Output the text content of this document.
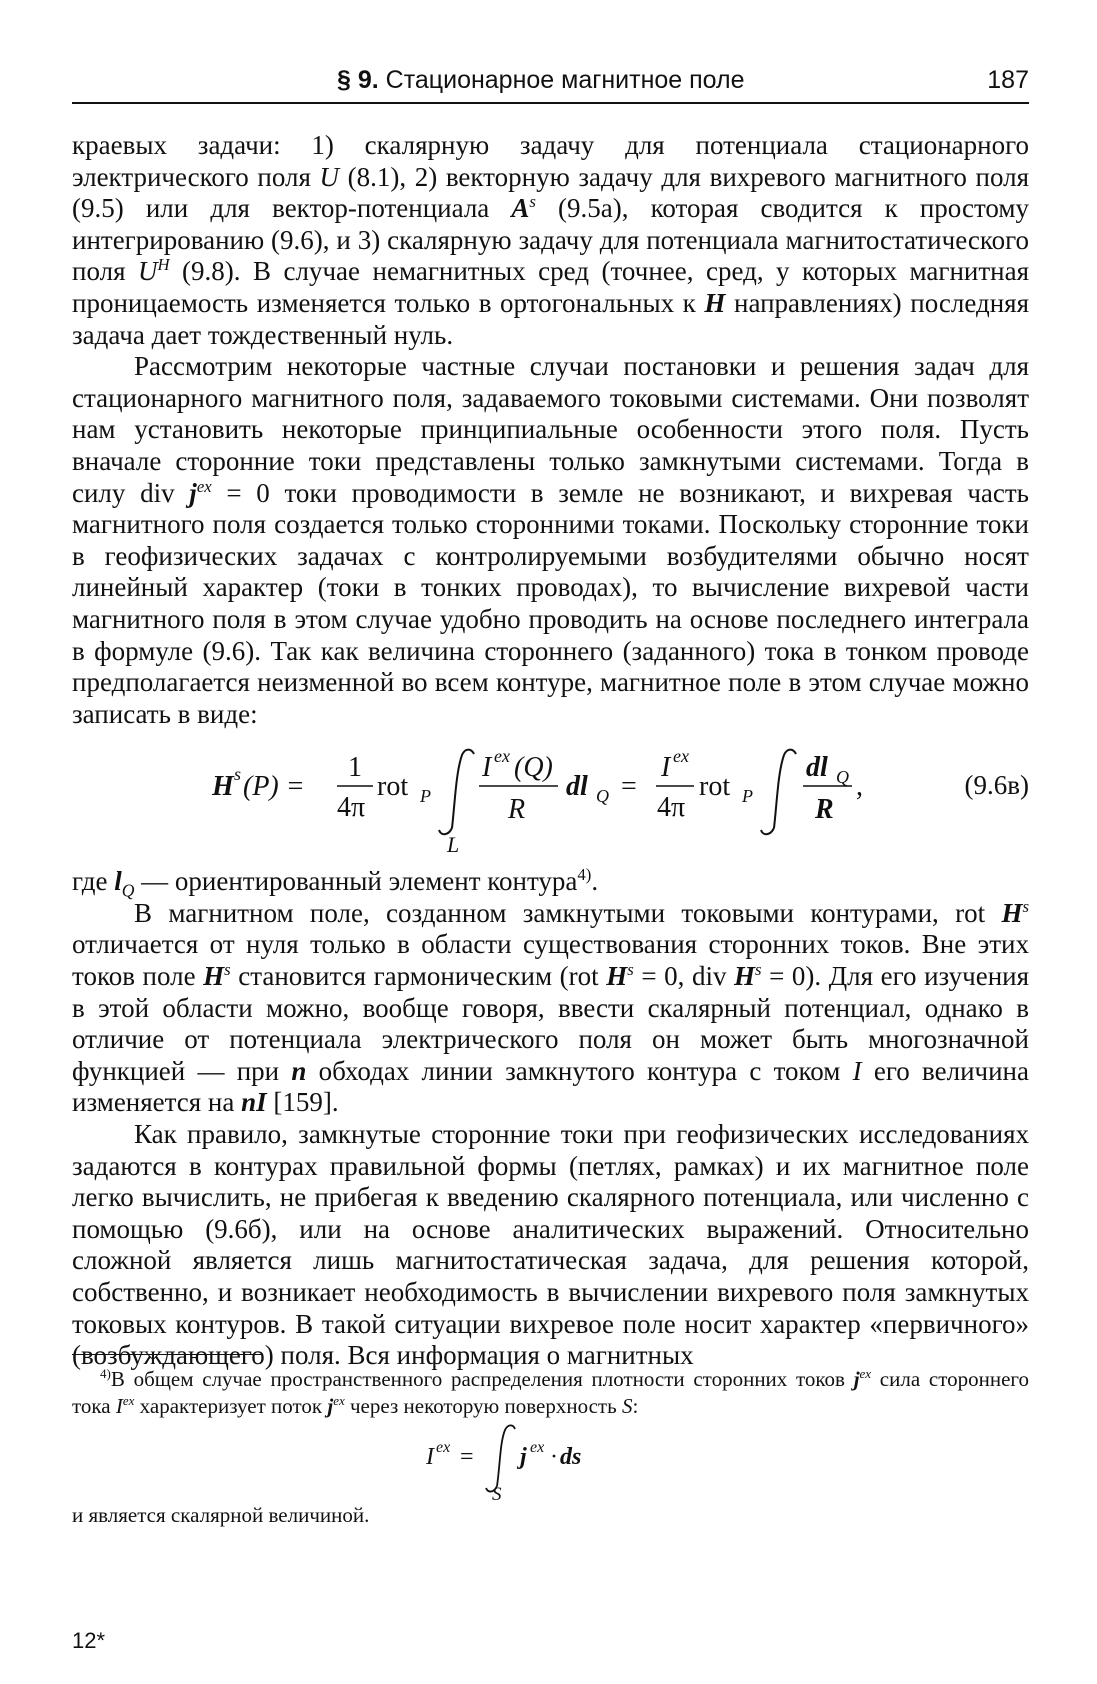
§ 9. Стационарное магнитное поле	187

краевых задачи: 1) скалярную задачу для потенциала стационарного электрического поля U (8.1), 2) векторную задачу для вихревого магнитного поля (9.5) или для вектор-потенциала $A^s$ (9.5а), которая сводится к простому интегрированию (9.6), и 3) скалярную задачу для потенциала магнитостатического поля $U^H$ (9.8). В случае немагнитных сред (точнее, сред, у которых магнитная проницаемость изменяется только в ортогональных к H направлениях) последняя задача дает тождественный нуль.

Рассмотрим некоторые частные случаи постановки и решения задач для стационарного магнитного поля, задаваемого токовыми системами. Они позволят нам установить некоторые принципиальные особенности этого поля. Пусть вначале сторонние токи представлены только замкнутыми системами. Тогда в силу div $j^{ex} = 0$ токи проводимости в земле не возникают, и вихревая часть магнитного поля создается только сторонними токами. Поскольку сторонние токи в геофизических задачах с контролируемыми возбудителями обычно носят линейный характер (токи в тонких проводах), то вычисление вихревой части магнитного поля в этом случае удобно проводить на основе последнего интеграла в формуле (9.6). Так как величина стороннего (заданного) тока в тонком проводе предполагается неизменной во всем контуре, магнитное поле в этом случае можно записать в виде:

H s (P) =
1
4π
rot P
I ex (Q)
R
dl Q =
I ex
4π
rot P
dl Q
R
,
L
(9.6в)

где $l_Q$ — ориентированный элемент контура$^{4)}$.

В магнитном поле, созданном замкнутыми токовыми контурами, rot $H^s$ отличается от нуля только в области существования сторонних токов. Вне этих токов поле $H^s$ становится гармоническим (rot $H^s = 0$, div $H^s = 0$). Для его изучения в этой области можно, вообще говоря, ввести скалярный потенциал, однако в отличие от потенциала электрического поля он может быть многозначной функцией — при n обходах линии замкнутого контура с током I его величина изменяется на nI [159].

Как правило, замкнутые сторонние токи при геофизических исследованиях задаются в контурах правильной формы (петлях, рамках) и их магнитное поле легко вычислить, не прибегая к введению скалярного потенциала, или численно с помощью (9.6б), или на основе аналитических выражений. Относительно сложной является лишь магнитостатическая задача, для решения которой, собственно, и возникает необходимость в вычислении вихревого поля замкнутых токовых контуров. В такой ситуации вихревое поле носит характер «первичного» (возбуждающего) поля. Вся информация о магнитных

$^{4)}$В общем случае пространственного распределения плотности сторонних токов $j^{ex}$ сила стороннего тока $I^{ex}$ характеризует поток $j^{ex}$ через некоторую поверхность S:

I ex = j ex · ds
S

и является скалярной величиной.

12*
